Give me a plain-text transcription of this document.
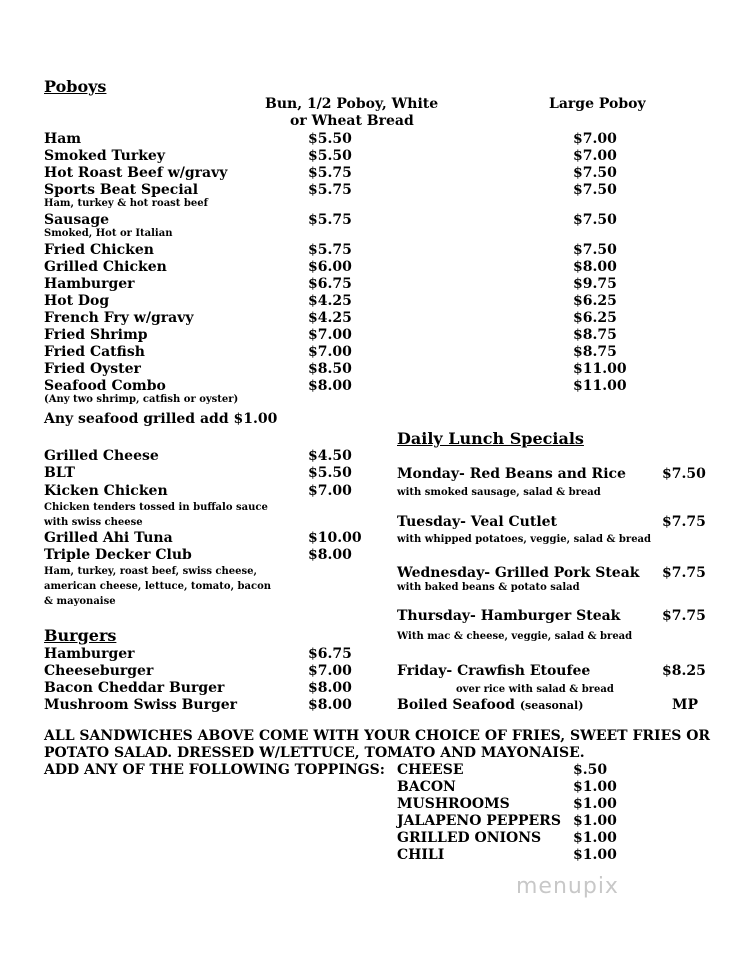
Poboys
Bun, 1/2 Poboy, White
or Wheat Bread
Large Poboy
Ham	$5.50	$7.00
Smoked Turkey	$5.50	$7.00
Hot Roast Beef w/gravy	$5.75	$7.50
Sports Beat Special	$5.75	$7.50
Ham, turkey & hot roast beef
Sausage	$5.75	$7.50
Smoked, Hot or Italian
Fried Chicken	$5.75	$7.50
Grilled Chicken	$6.00	$8.00
Hamburger	$6.75	$9.75
Hot Dog	$4.25	$6.25
French Fry w/gravy	$4.25	$6.25
Fried Shrimp	$7.00	$8.75
Fried Catfish	$7.00	$8.75
Fried Oyster	$8.50	$11.00
Seafood Combo	$8.00	$11.00
(Any two shrimp, catfish or oyster)
Any seafood grilled add $1.00
Grilled Cheese	$4.50
BLT	$5.50
Kicken Chicken	$7.00
Chicken tenders tossed in buffalo sauce
with swiss cheese
Grilled Ahi Tuna	$10.00
Triple Decker Club	$8.00
Ham, turkey, roast beef, swiss cheese,
american cheese, lettuce, tomato, bacon
& mayonaise
Burgers
Hamburger	$6.75
Cheeseburger	$7.00
Bacon Cheddar Burger	$8.00
Mushroom Swiss Burger	$8.00
Daily Lunch Specials
Monday- Red Beans and Rice	$7.50
with smoked sausage, salad & bread
Tuesday- Veal Cutlet	$7.75
with whipped potatoes, veggie, salad & bread
Wednesday- Grilled Pork Steak $7.75
with baked beans & potato salad
Thursday- Hamburger Steak	$7.75
With mac & cheese, veggie, salad & bread
Friday- Crawfish Etoufee	$8.25
over rice with salad & bread
Boiled Seafood (seasonal)	MP
ALL SANDWICHES ABOVE COME WITH YOUR CHOICE OF FRIES, SWEET FRIES OR
POTATO SALAD. DRESSED W/LETTUCE, TOMATO AND MAYONAISE.
ADD ANY OF THE FOLLOWING TOPPINGS: CHEESE	$.50
BACON	$1.00
MUSHROOMS	$1.00
JALAPENO PEPPERS $1.00
GRILLED ONIONS $1.00
CHILI	$1.00
menupix
